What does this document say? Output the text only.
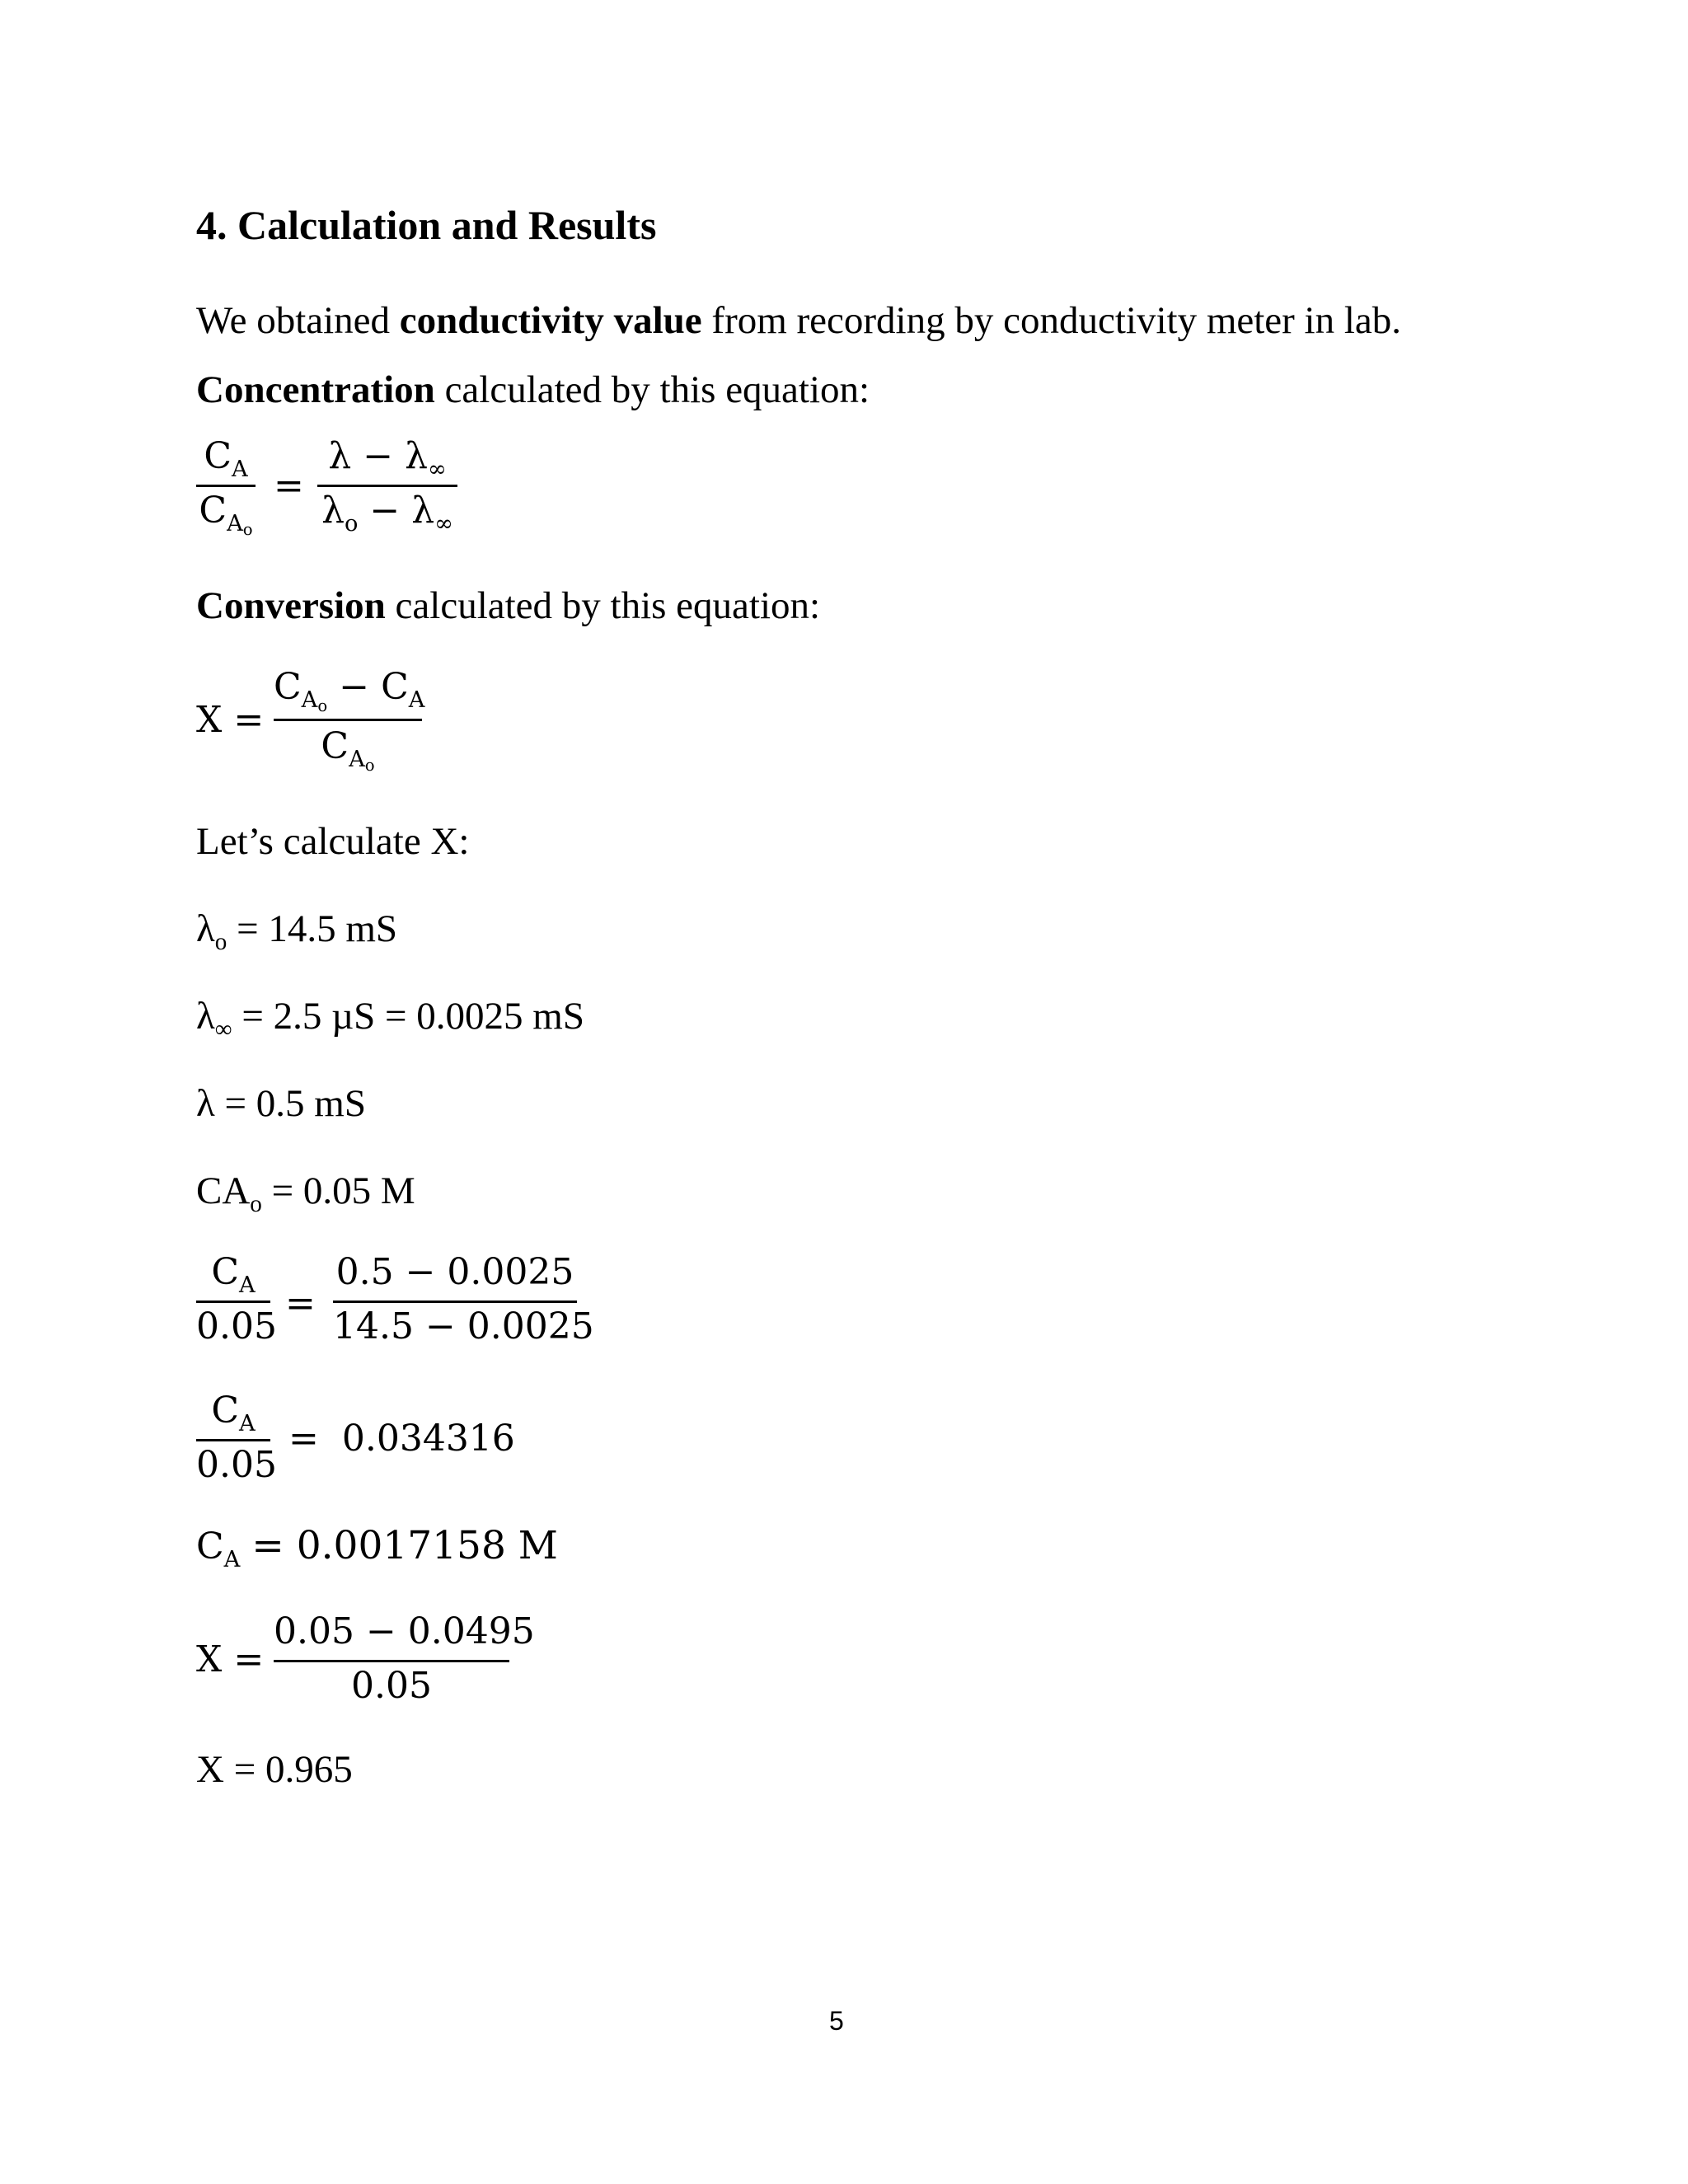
4. Calculation and Results
We obtained conductivity value from recording by conductivity meter in lab.
Concentration calculated by this equation:
$C_A$
$C_{A_o}$
=
$\lambda - \lambda_\infty$
$\lambda_o - \lambda_\infty$
Conversion calculated by this equation:
X =
$C_{A_o} - C_A$
$C_{A_o}$
Let’s calculate X:
$\lambda_o = 14.5$ mS
$\lambda_\infty = 2.5$ µS = 0.0025 mS
λ = 0.5 mS
$CA_o = 0.05$ M
$C_A$
0.05
=
0.5 − 0.0025
14.5 − 0.0025
$C_A$
0.05
= 0.034316
$C_A = 0.0017158$ M
X =
0.05 − 0.0495
0.05
X = 0.965
5
